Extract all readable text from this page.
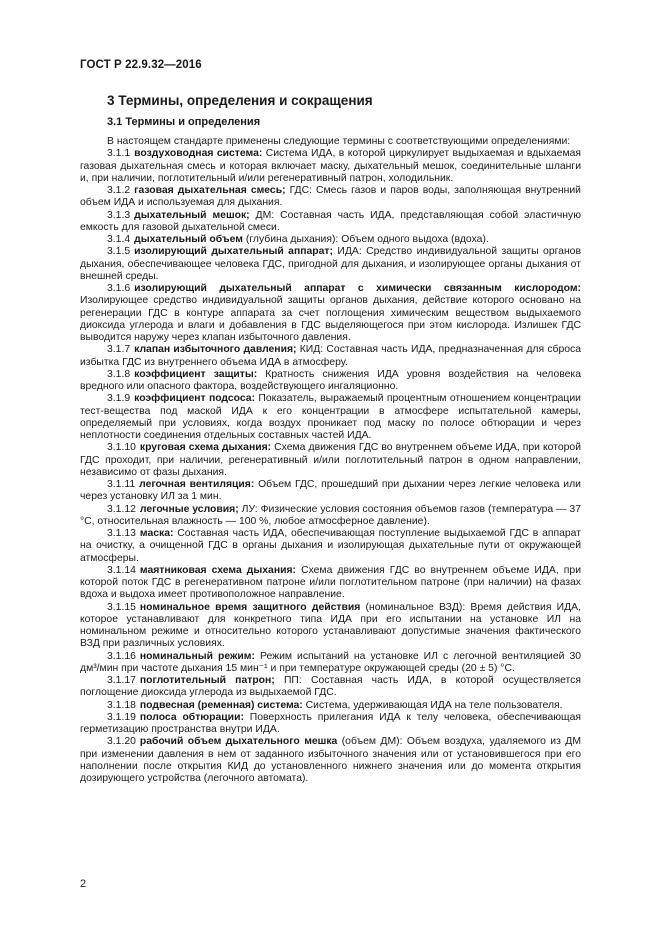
ГОСТ Р 22.9.32—2016
3 Термины, определения и сокращения
3.1 Термины и определения

В настоящем стандарте применены следующие термины с соответствующими определениями:

3.1.1 воздуховодная система: Система ИДА, в которой циркулирует выдыхаемая и вдыхаемая газовая дыхательная смесь и которая включает маску, дыхательный мешок, соединительные шланги и, при наличии, поглотительный и/или регенеративный патрон, холодильник.

3.1.2 газовая дыхательная смесь; ГДС: Смесь газов и паров воды, заполняющая внутренний объем ИДА и используемая для дыхания.

3.1.3 дыхательный мешок; ДМ: Составная часть ИДА, представляющая собой эластичную емкость для газовой дыхательной смеси.

3.1.4 дыхательный объем (глубина дыхания): Объем одного выдоха (вдоха).

3.1.5 изолирующий дыхательный аппарат; ИДА: Средство индивидуальной защиты органов дыхания, обеспечивающее человека ГДС, пригодной для дыхания, и изолирующее органы дыхания от внешней среды.

3.1.6 изолирующий дыхательный аппарат с химически связанным кислородом: Изолирующее средство индивидуальной защиты органов дыхания, действие которого основано на регенерации ГДС в контуре аппарата за счет поглощения химическим веществом выдыхаемого диоксида углерода и влаги и добавления в ГДС выделяющегося при этом кислорода. Излишек ГДС выводится наружу через клапан избыточного давления.

3.1.7 клапан избыточного давления; КИД: Составная часть ИДА, предназначенная для сброса избытка ГДС из внутреннего объема ИДА в атмосферу.

3.1.8 коэффициент защиты: Кратность снижения ИДА уровня воздействия на человека вредного или опасного фактора, воздействующего ингаляционно.

3.1.9 коэффициент подсоса: Показатель, выражаемый процентным отношением концентрации тест-вещества под маской ИДА к его концентрации в атмосфере испытательной камеры, определяемый при условиях, когда воздух проникает под маску по полосе обтюрации и через неплотности соединения отдельных составных частей ИДА.

3.1.10 круговая схема дыхания: Схема движения ГДС во внутреннем объеме ИДА, при которой ГДС проходит, при наличии, регенеративный и/или поглотительный патрон в одном направлении, независимо от фазы дыхания.

3.1.11 легочная вентиляция: Объем ГДС, прошедший при дыхании через легкие человека или через установку ИЛ за 1 мин.

3.1.12 легочные условия; ЛУ: Физические условия состояния объемов газов (температура — 37 °С, относительная влажность — 100 %, любое атмосферное давление).

3.1.13 маска: Составная часть ИДА, обеспечивающая поступление выдыхаемой ГДС в аппарат на очистку, а очищенной ГДС в органы дыхания и изолирующая дыхательные пути от окружающей атмосферы.

3.1.14 маятниковая схема дыхания: Схема движения ГДС во внутреннем объеме ИДА, при которой поток ГДС в регенеративном патроне и/или поглотительном патроне (при наличии) на фазах вдоха и выдоха имеет противоположное направление.

3.1.15 номинальное время защитного действия (номинальное ВЗД): Время действия ИДА, которое устанавливают для конкретного типа ИДА при его испытании на установке ИЛ на номинальном режиме и относительно которого устанавливают допустимые значения фактического ВЗД при различных условиях.

3.1.16 номинальный режим: Режим испытаний на установке ИЛ с легочной вентиляцией 30 дм³/мин при частоте дыхания 15 мин⁻¹ и при температуре окружающей среды (20 ± 5) °С.

3.1.17 поглотительный патрон; ПП: Составная часть ИДА, в которой осуществляется поглощение диоксида углерода из выдыхаемой ГДС.

3.1.18 подвесная (ременная) система: Система, удерживающая ИДА на теле пользователя.

3.1.19 полоса обтюрации: Поверхность прилегания ИДА к телу человека, обеспечивающая герметизацию пространства внутри ИДА.

3.1.20 рабочий объем дыхательного мешка (объем ДМ): Объем воздуха, удаляемого из ДМ при изменении давления в нем от заданного избыточного значения или от установившегося при его наполнении после открытия КИД до установленного нижнего значения или до момента открытия дозирующего устройства (легочного автомата).

2
